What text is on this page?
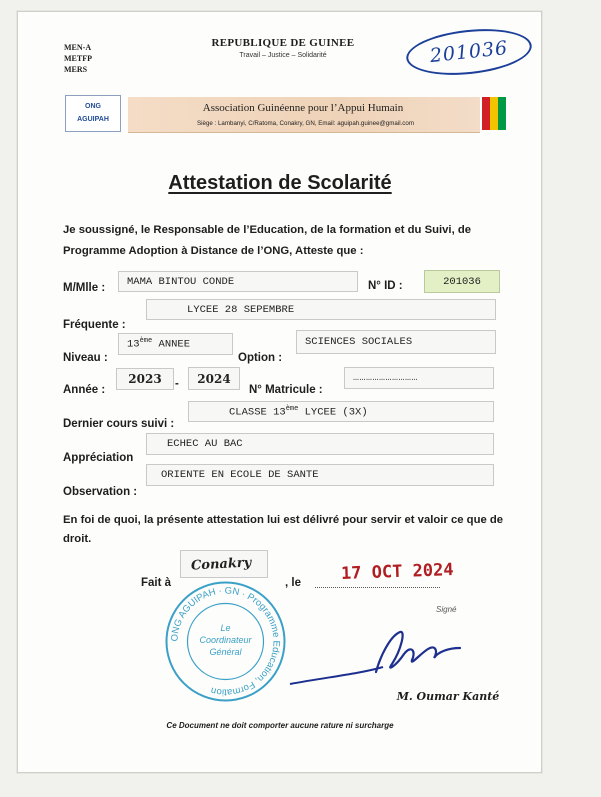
MEN-A
METFP
MERS
REPUBLIQUE DE GUINEE
Travail – Justice – Solidarité	201036
ONG
AGUIPAH
Association Guinéenne pour l’Appui Humain
Siège : Lambanyi, C/Ratoma, Conakry, GN, Email: aguipah.guinee@gmail.com
Attestation de Scolarité
Je soussigné, le Responsable de l’Education, de la formation et du Suivi, de Programme Adoption à Distance de l’ONG, Atteste que :
M/Mlle :
MAMA BINTOU CONDE	N° ID :	201036
Fréquente :
LYCEE 28 SEPEMBRE
Niveau :
13ème ANNEE
Option :
SCIENCES SOCIALES
Année :
2023 - 2024
N° Matricule :
…………………………
Dernier cours suivi :
CLASSE 13ème LYCEE (3X)
Appréciation
ECHEC AU BAC
Observation :
ORIENTE EN ECOLE DE SANTE
En foi de quoi, la présente attestation lui est délivré pour servir et valoir ce que de droit.
Fait à
Conakry
, le 17 OCT 2024
Signé
ONG AGUIPAH · GN · Programme Education, Formation
Le
Coordinateur
Général
M. Oumar Kanté
Ce Document ne doit comporter aucune rature ni surcharge
